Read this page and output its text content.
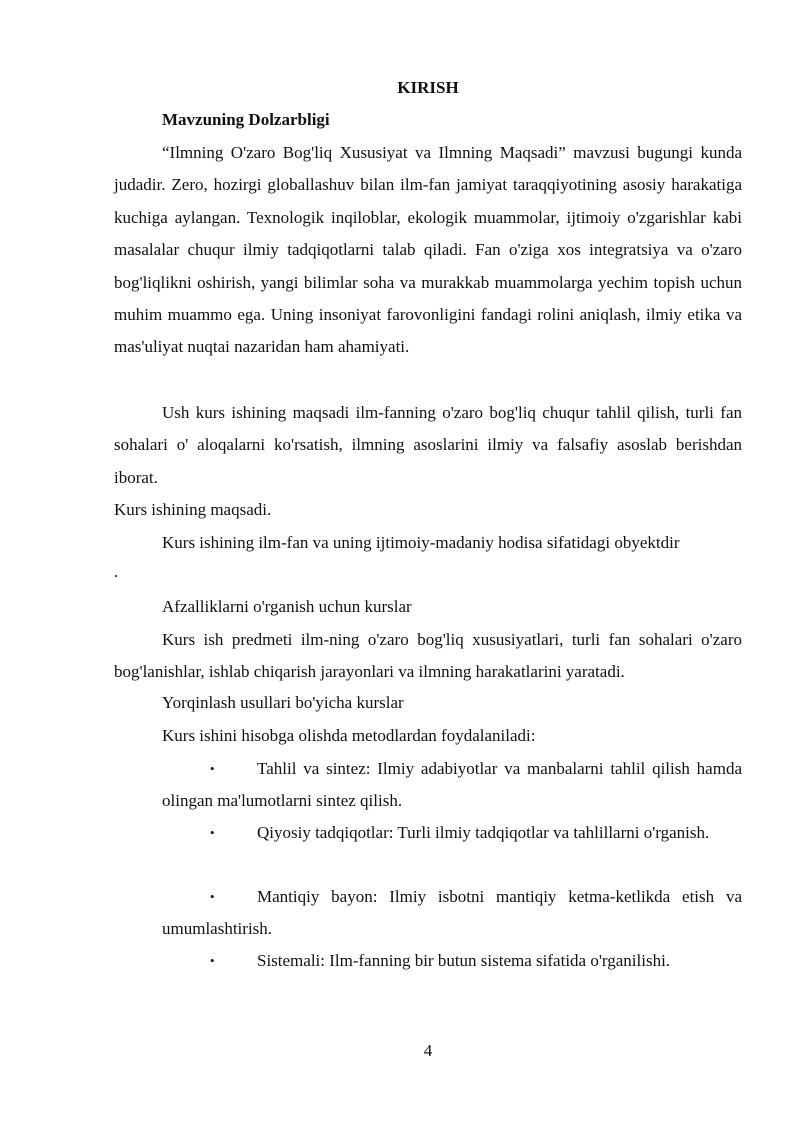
KIRISH
Mavzuning Dolzarbligi

“Ilmning O'zaro Bog'liq Xususiyat va Ilmning Maqsadi” mavzusi bugungi kunda judadir. Zero, hozirgi globallashuv bilan ilm-fan jamiyat taraqqiyotining asosiy harakatiga kuchiga aylangan. Texnologik inqiloblar, ekologik muammolar, ijtimoiy o'zgarishlar kabi masalalar chuqur ilmiy tadqiqotlarni talab qiladi. Fan o'ziga xos integratsiya va o'zaro bog'liqlikni oshirish, yangi bilimlar soha va murakkab muammolarga yechim topish uchun muhim muammo ega. Uning insoniyat farovonligini fandagi rolini aniqlash, ilmiy etika va mas'uliyat nuqtai nazaridan ham ahamiyati.

Ush kurs ishining maqsadi ilm-fanning o'zaro bog'liq chuqur tahlil qilish, turli fan sohalari o' aloqalarni ko'rsatish, ilmning asoslarini ilmiy va falsafiy asoslab berishdan iborat.

Kurs ishining maqsadi.
Kurs ishining ilm-fan va uning ijtimoiy-madaniy hodisa sifatidagi obyektdir
.
Afzalliklarni o'rganish uchun kurslar

Kurs ish predmeti ilm-ning o'zaro bog'liq xususiyatlari, turli fan sohalari o'zaro bog'lanishlar, ishlab chiqarish jarayonlari va ilmning harakatlarini yaratadi.

Yorqinlash usullari bo'yicha kurslar
Kurs ishini hisobga olishda metodlardan foydalaniladi:
•	Tahlil va sintez: Ilmiy adabiyotlar va manbalarni tahlil qilish hamda olingan ma'lumotlarni sintez qilish.
•	Qiyosiy tadqiqotlar: Turli ilmiy tadqiqotlar va tahlillarni o'rganish.
•	Mantiqiy bayon: Ilmiy isbotni mantiqiy ketma-ketlikda etish va umumlashtirish.
•	Sistemali: Ilm-fanning bir butun sistema sifatida o'rganilishi.
4
